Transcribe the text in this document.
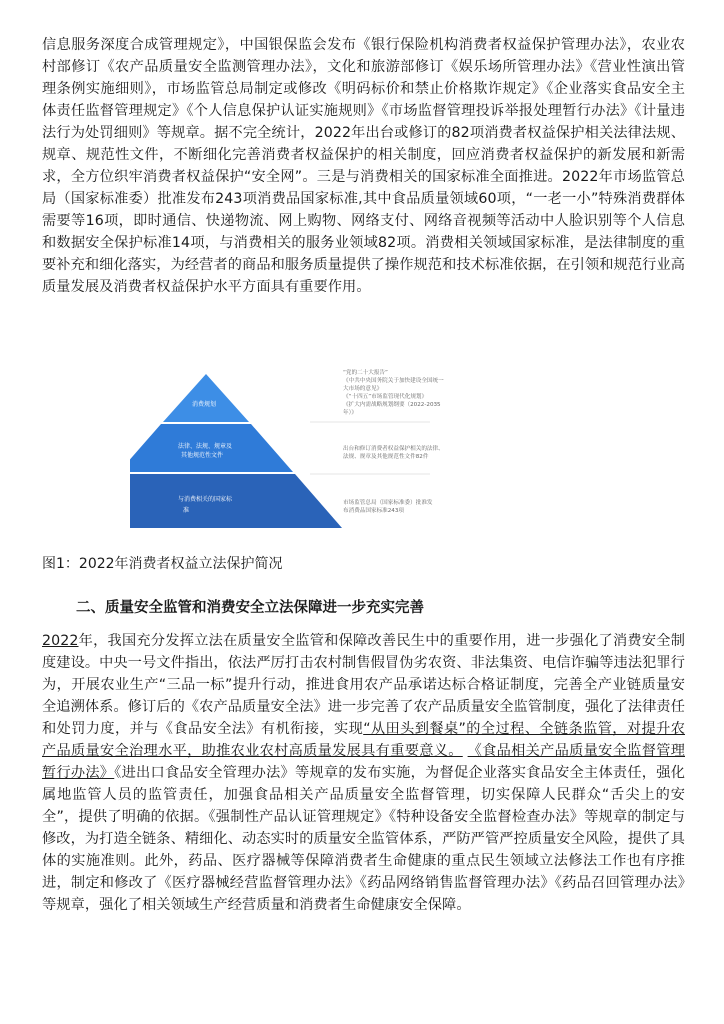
信息服务深度合成管理规定》，中国银保监会发布《银行保险机构消费者权益保护管理办法》，农业农村部修订《农产品质量安全监测管理办法》，文化和旅游部修订《娱乐场所管理办法》《营业性演出管理条例实施细则》，市场监管总局制定或修改《明码标价和禁止价格欺诈规定》《企业落实食品安全主体责任监督管理规定》《个人信息保护认证实施规则》《市场监督管理投诉举报处理暂行办法》《计量违法行为处罚细则》等规章。据不完全统计，2022年出台或修订的82项消费者权益保护相关法律法规、规章、规范性文件，不断细化完善消费者权益保护的相关制度，回应消费者权益保护的新发展和新需求，全方位织牢消费者权益保护“安全网”。三是与消费相关的国家标准全面推进。2022年市场监管总局（国家标准委）批准发布243项消费品国家标准,其中食品质量领域60项，“一老一小”特殊消费群体需要等16项，即时通信、快递物流、网上购物、网络支付、网络音视频等活动中人脸识别等个人信息和数据安全保护标准14项，与消费相关的服务业领域82项。消费相关领域国家标准，是法律制度的重要补充和细化落实，为经营者的商品和服务质量提供了操作规范和技术标准依据，在引领和规范行业高质量发展及消费者权益保护水平方面具有重要作用。

消费规划
法律、法规、规章及 其他规范性文件
与消费相关的国家标 准
“党的二十大报告” 《中共中央国务院关于加快建设全国统一 大市场的意见》 《“十四五”市场监管现代化规划》 《扩大内需战略规划纲要（2022-2035 年）》
出台和修订消费者权益保护相关的法律、 法规、规章及其他规范性文件82件
市场监管总局（国家标准委）批准发 布消费品国家标准243项

图1：2022年消费者权益立法保护简况

二、质量安全监管和消费安全立法保障进一步充实完善

2022年，我国充分发挥立法在质量安全监管和保障改善民生中的重要作用，进一步强化了消费安全制度建设。中央一号文件指出，依法严厉打击农村制售假冒伪劣农资、非法集资、电信诈骗等违法犯罪行为，开展农业生产“三品一标”提升行动，推进食用农产品承诺达标合格证制度，完善全产业链质量安全追溯体系。修订后的《农产品质量安全法》进一步完善了农产品质量安全监管制度，强化了法律责任和处罚力度，并与《食品安全法》有机衔接，实现“从田头到餐桌”的全过程、全链条监管，对提升农产品质量安全治理水平，助推农业农村高质量发展具有重要意义。 《食品相关产品质量安全监督管理暂行办法》《进出口食品安全管理办法》等规章的发布实施，为督促企业落实食品安全主体责任，强化属地监管人员的监管责任，加强食品相关产品质量安全监督管理，切实保障人民群众“舌尖上的安全”，提供了明确的依据。《强制性产品认证管理规定》《特种设备安全监督检查办法》等规章的制定与修改，为打造全链条、精细化、动态实时的质量安全监管体系，严防严管严控质量安全风险，提供了具体的实施准则。此外，药品、医疗器械等保障消费者生命健康的重点民生领域立法修法工作也有序推进，制定和修改了《医疗器械经营监督管理办法》《药品网络销售监督管理办法》《药品召回管理办法》等规章，强化了相关领域生产经营质量和消费者生命健康安全保障。
